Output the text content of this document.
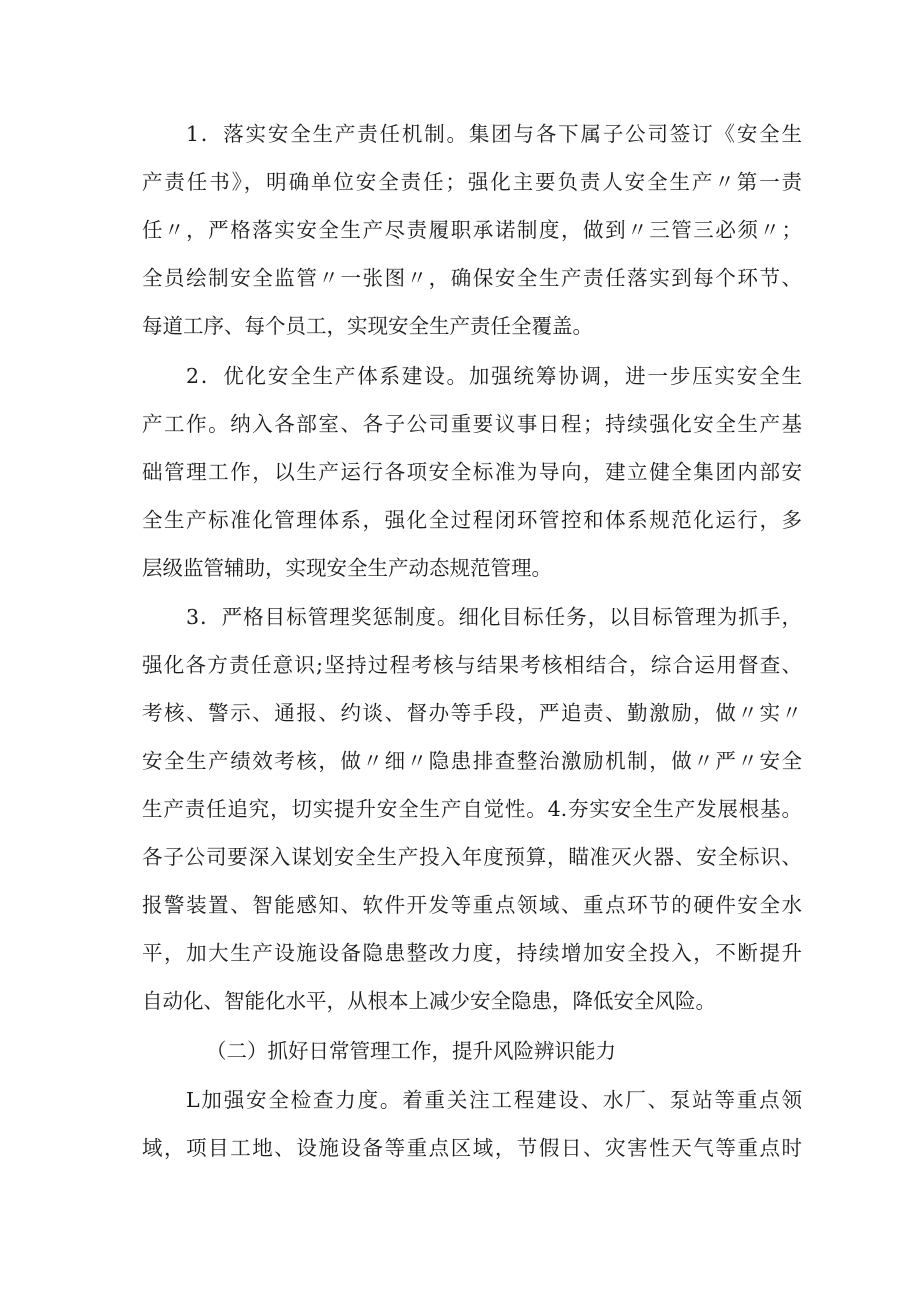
1．落实安全生产责任机制。集团与各下属子公司签订《安全生
产责任书》，明确单位安全责任；强化主要负责人安全生产〃第一责
任〃，严格落实安全生产尽责履职承诺制度，做到〃三管三必须〃；
全员绘制安全监管〃一张图〃，确保安全生产责任落实到每个环节、
每道工序、每个员工，实现安全生产责任全覆盖。
2．优化安全生产体系建设。加强统筹协调，进一步压实安全生
产工作。纳入各部室、各子公司重要议事日程；持续强化安全生产基
础管理工作，以生产运行各项安全标准为导向，建立健全集团内部安
全生产标准化管理体系，强化全过程闭环管控和体系规范化运行，多
层级监管辅助，实现安全生产动态规范管理。
3．严格目标管理奖惩制度。细化目标任务，以目标管理为抓手，
强化各方责任意识;坚持过程考核与结果考核相结合，综合运用督查、
考核、警示、通报、约谈、督办等手段，严追责、勤激励，做〃实〃
安全生产绩效考核，做〃细〃隐患排查整治激励机制，做〃严〃安全
生产责任追究，切实提升安全生产自觉性。4.夯实安全生产发展根基。
各子公司要深入谋划安全生产投入年度预算，瞄准灭火器、安全标识、
报警装置、智能感知、软件开发等重点领域、重点环节的硬件安全水
平，加大生产设施设备隐患整改力度，持续增加安全投入，不断提升
自动化、智能化水平，从根本上减少安全隐患，降低安全风险。
（二）抓好日常管理工作，提升风险辨识能力
L加强安全检查力度。着重关注工程建设、水厂、泵站等重点领
域，项目工地、设施设备等重点区域，节假日、灾害性天气等重点时
